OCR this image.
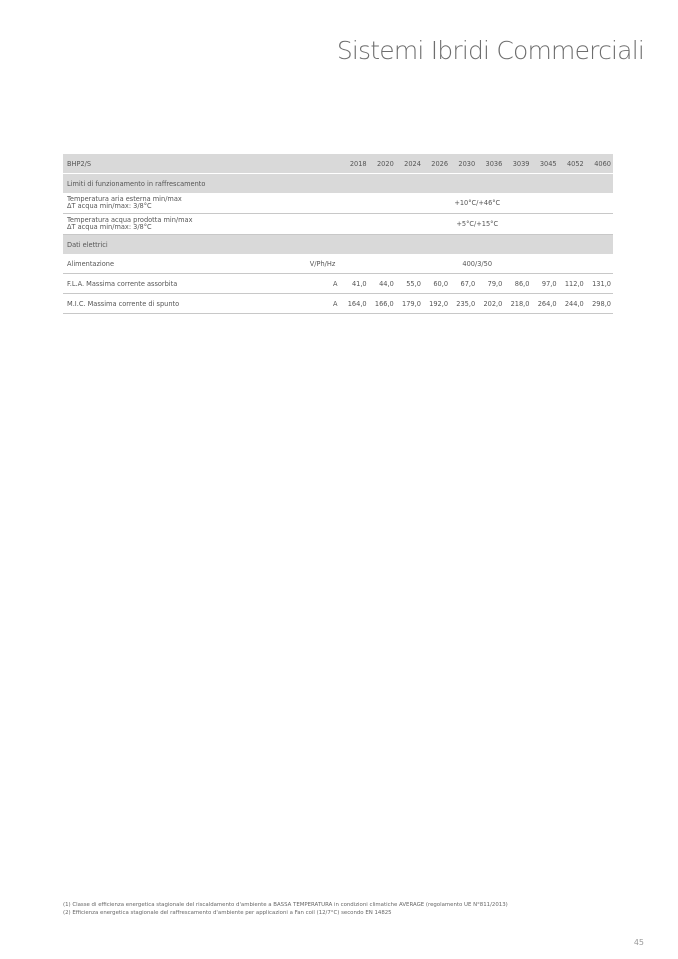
Sistemi Ibridi Commerciali
BHP2/S		2018	2020	2024	2026	2030	3036	3039	3045	4052	4060
Limiti di funzionamento in raffrescamento											

Temperatura aria esterna min/max
ΔT acqua min/max: 3/8°C		+10°C/+46°C									

Temperatura acqua prodotta min/max
ΔT acqua min/max: 3/8°C		+5°C/+15°C									
Dati elettrici											
Alimentazione	V/Ph/Hz	400/3/50									
F.L.A. Massima corrente assorbita	A	41,0	44,0	55,0	60,0	67,0	79,0	86,0	97,0	112,0	131,0
M.I.C. Massima corrente di spunto	A	164,0	166,0	179,0	192,0	235,0	202,0	218,0	264,0	244,0	298,0
(1) Classe di efficienza energetica stagionale del riscaldamento d'ambiente a BASSA TEMPERATURA in condizioni climatiche AVERAGE (regolamento UE N°811/2013)
(2) Efficienza energetica stagionale del raffrescamento d'ambiente per applicazioni a Fan coil (12/7°C) secondo EN 14825
45
